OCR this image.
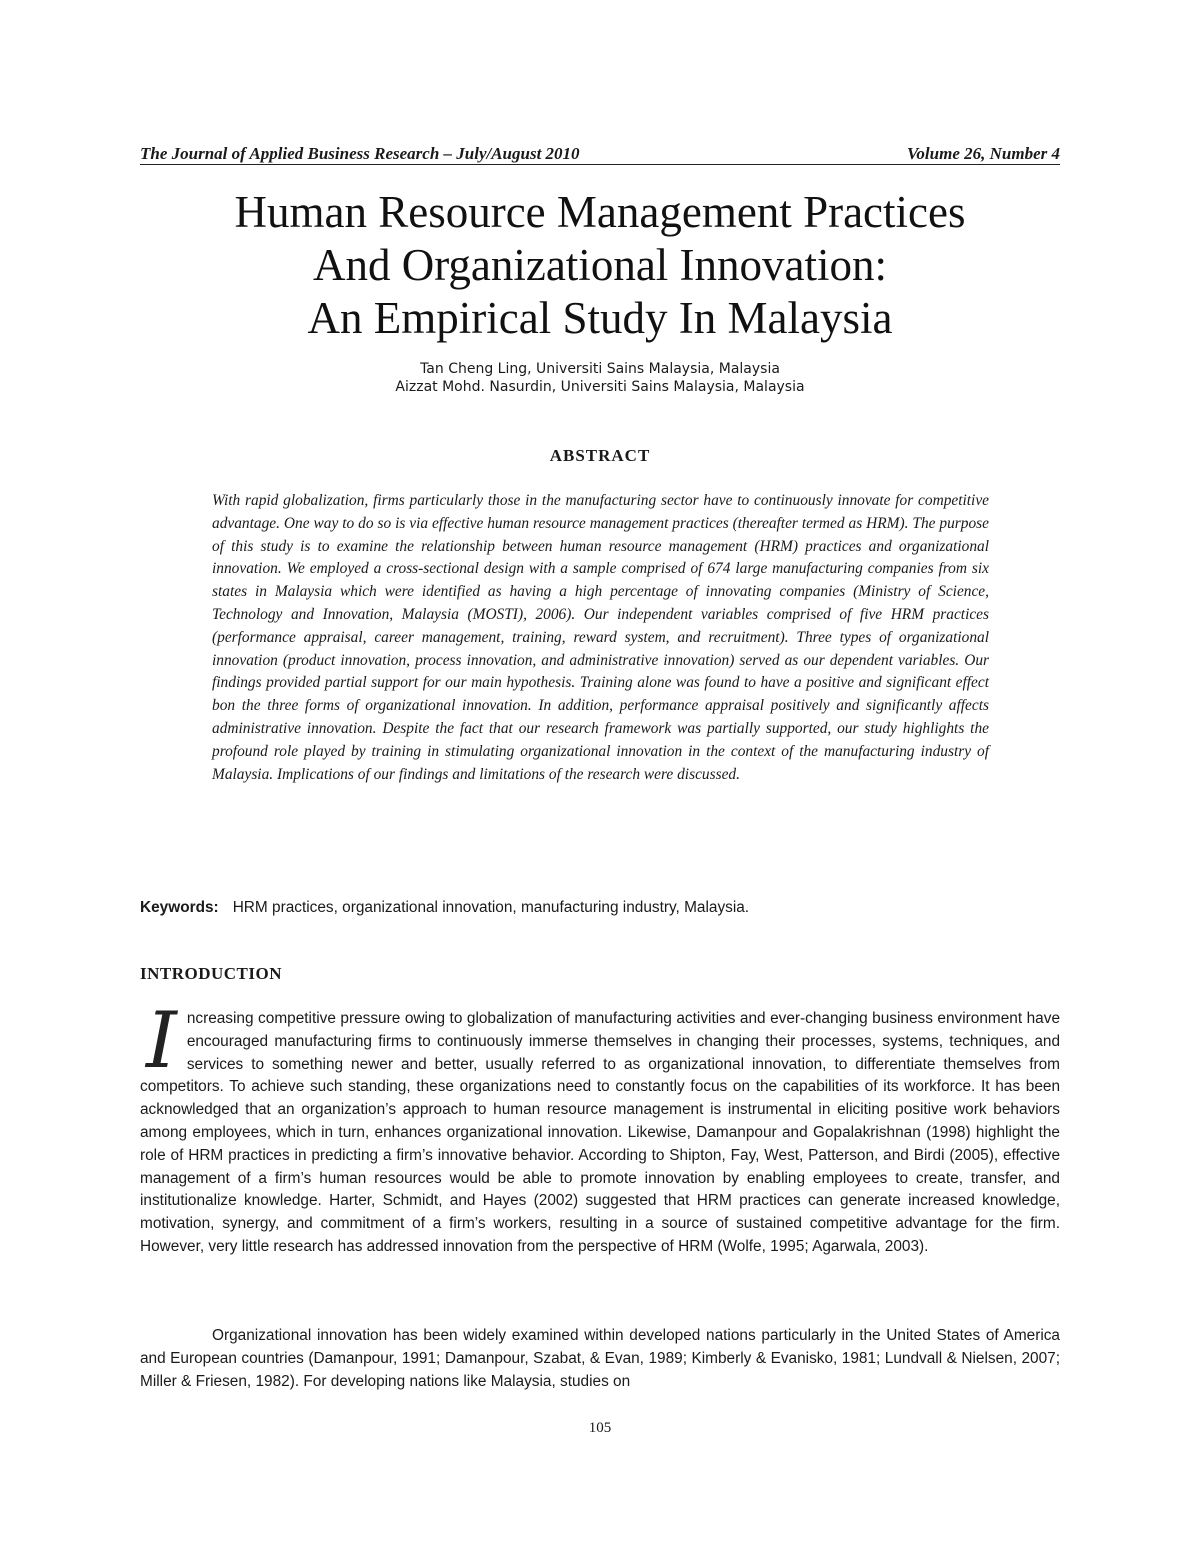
The Journal of Applied Business Research – July/August 2010	Volume 26, Number 4
Human Resource Management Practices
And Organizational Innovation:
An Empirical Study In Malaysia
Tan Cheng Ling, Universiti Sains Malaysia, Malaysia
Aizzat Mohd. Nasurdin, Universiti Sains Malaysia, Malaysia
ABSTRACT
With rapid globalization, firms particularly those in the manufacturing sector have to continuously innovate for competitive advantage. One way to do so is via effective human resource management practices (thereafter termed as HRM). The purpose of this study is to examine the relationship between human resource management (HRM) practices and organizational innovation. We employed a cross-sectional design with a sample comprised of 674 large manufacturing companies from six states in Malaysia which were identified as having a high percentage of innovating companies (Ministry of Science, Technology and Innovation, Malaysia (MOSTI), 2006). Our independent variables comprised of five HRM practices (performance appraisal, career management, training, reward system, and recruitment). Three types of organizational innovation (product innovation, process innovation, and administrative innovation) served as our dependent variables. Our findings provided partial support for our main hypothesis. Training alone was found to have a positive and significant effect bon the three forms of organizational innovation. In addition, performance appraisal positively and significantly affects administrative innovation. Despite the fact that our research framework was partially supported, our study highlights the profound role played by training in stimulating organizational innovation in the context of the manufacturing industry of Malaysia. Implications of our findings and limitations of the research were discussed.
Keywords: HRM practices, organizational innovation, manufacturing industry, Malaysia.
INTRODUCTION
Increasing competitive pressure owing to globalization of manufacturing activities and ever-changing business environment have encouraged manufacturing firms to continuously immerse themselves in changing their processes, systems, techniques, and services to something newer and better, usually referred to as organizational innovation, to differentiate themselves from competitors. To achieve such standing, these organizations need to constantly focus on the capabilities of its workforce. It has been acknowledged that an organization’s approach to human resource management is instrumental in eliciting positive work behaviors among employees, which in turn, enhances organizational innovation. Likewise, Damanpour and Gopalakrishnan (1998) highlight the role of HRM practices in predicting a firm’s innovative behavior. According to Shipton, Fay, West, Patterson, and Birdi (2005), effective management of a firm’s human resources would be able to promote innovation by enabling employees to create, transfer, and institutionalize knowledge. Harter, Schmidt, and Hayes (2002) suggested that HRM practices can generate increased knowledge, motivation, synergy, and commitment of a firm’s workers, resulting in a source of sustained competitive advantage for the firm. However, very little research has addressed innovation from the perspective of HRM (Wolfe, 1995; Agarwala, 2003).
Organizational innovation has been widely examined within developed nations particularly in the United States of America and European countries (Damanpour, 1991; Damanpour, Szabat, & Evan, 1989; Kimberly & Evanisko, 1981; Lundvall & Nielsen, 2007; Miller & Friesen, 1982). For developing nations like Malaysia, studies on
105
